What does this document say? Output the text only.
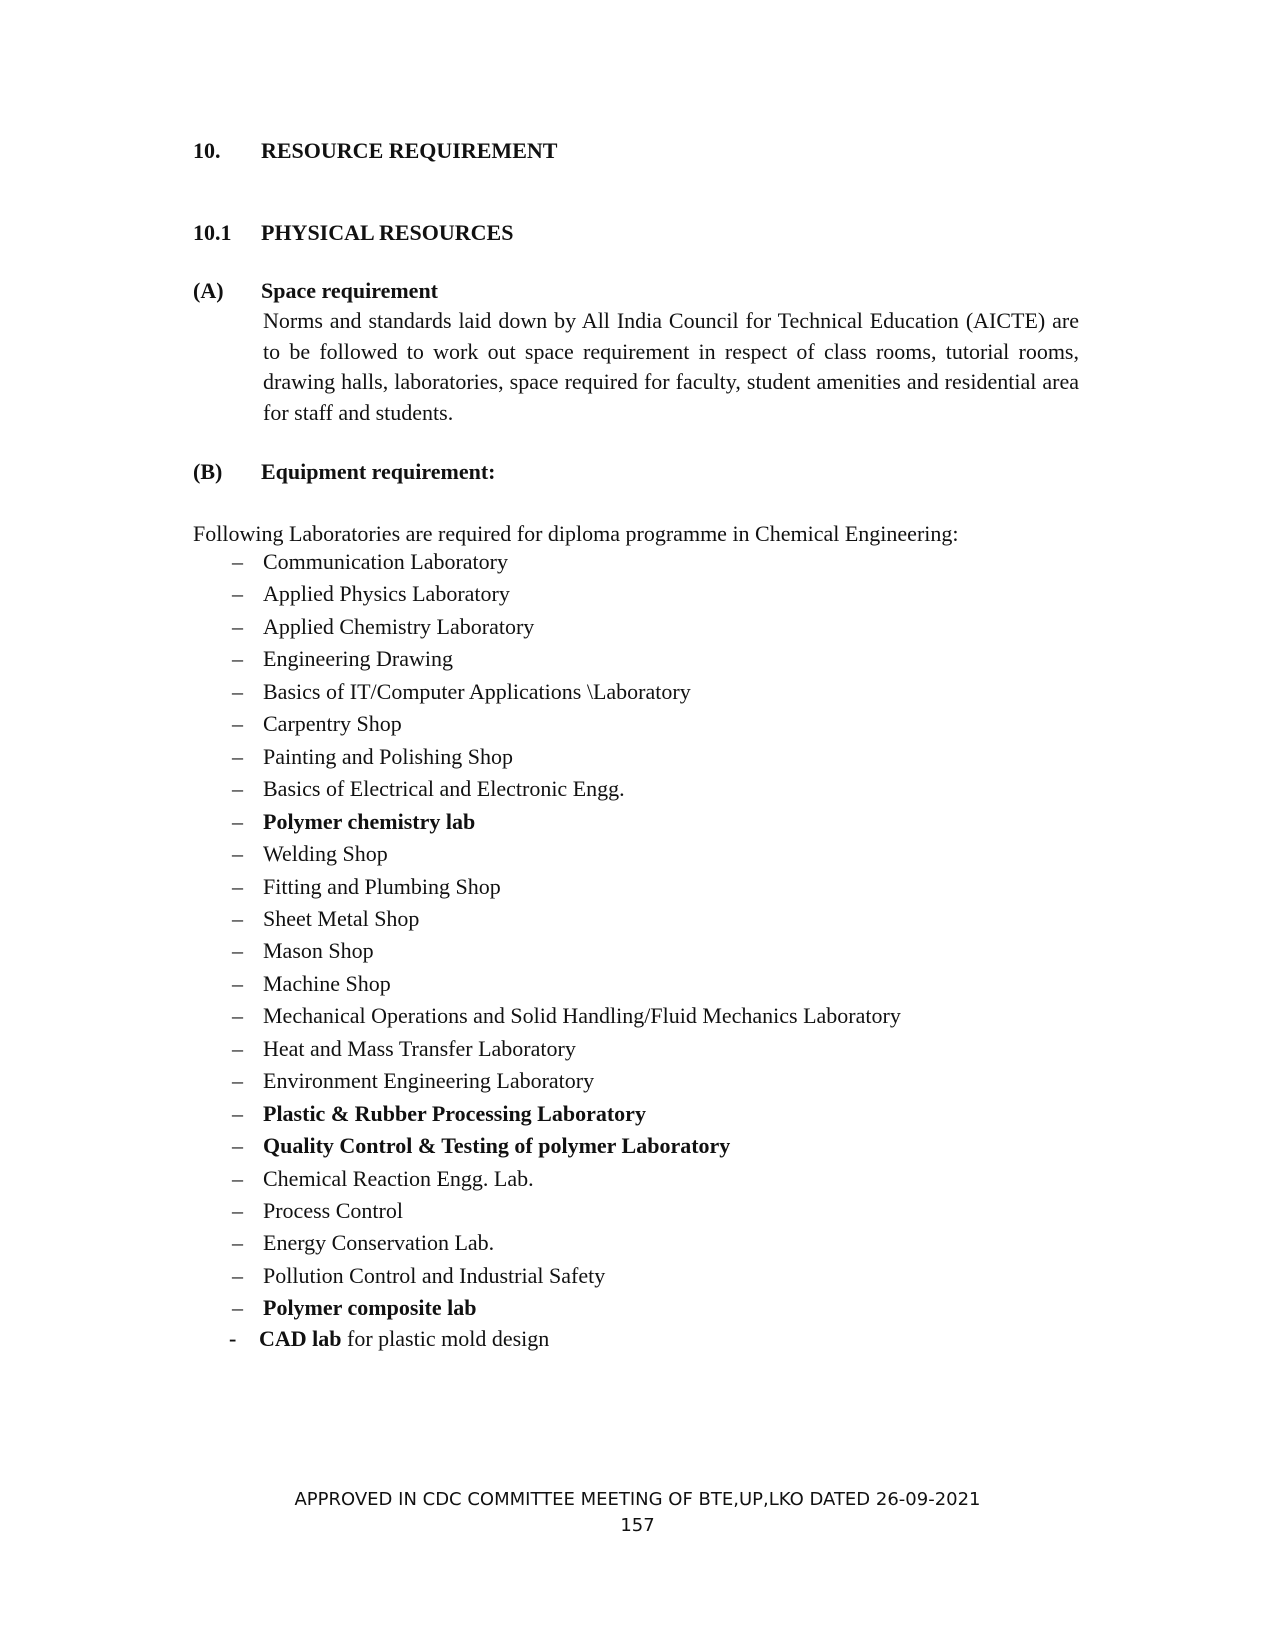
10. RESOURCE REQUIREMENT
10.1 PHYSICAL RESOURCES
(A) Space requirement
Norms and standards laid down by All India Council for Technical Education (AICTE) are to be followed to work out space requirement in respect of class rooms, tutorial rooms, drawing halls, laboratories, space required for faculty, student amenities and residential area for staff and students.
(B) Equipment requirement:
Following Laboratories are required for diploma programme in Chemical Engineering:
– Communication Laboratory
– Applied Physics Laboratory
– Applied Chemistry Laboratory
– Engineering Drawing
– Basics of IT/Computer Applications \Laboratory
– Carpentry Shop
– Painting and Polishing Shop
– Basics of Electrical and Electronic Engg.
– Polymer chemistry lab
– Welding Shop
– Fitting and Plumbing Shop
– Sheet Metal Shop
– Mason Shop
– Machine Shop
– Mechanical Operations and Solid Handling/Fluid Mechanics Laboratory
– Heat and Mass Transfer Laboratory
– Environment Engineering Laboratory
– Plastic & Rubber Processing Laboratory
– Quality Control & Testing of polymer Laboratory
– Chemical Reaction Engg. Lab.
– Process Control
– Energy Conservation Lab.
– Pollution Control and Industrial Safety
– Polymer composite lab
- CAD lab for plastic mold design
APPROVED IN CDC COMMITTEE MEETING OF BTE,UP,LKO DATED 26-09-2021
157
